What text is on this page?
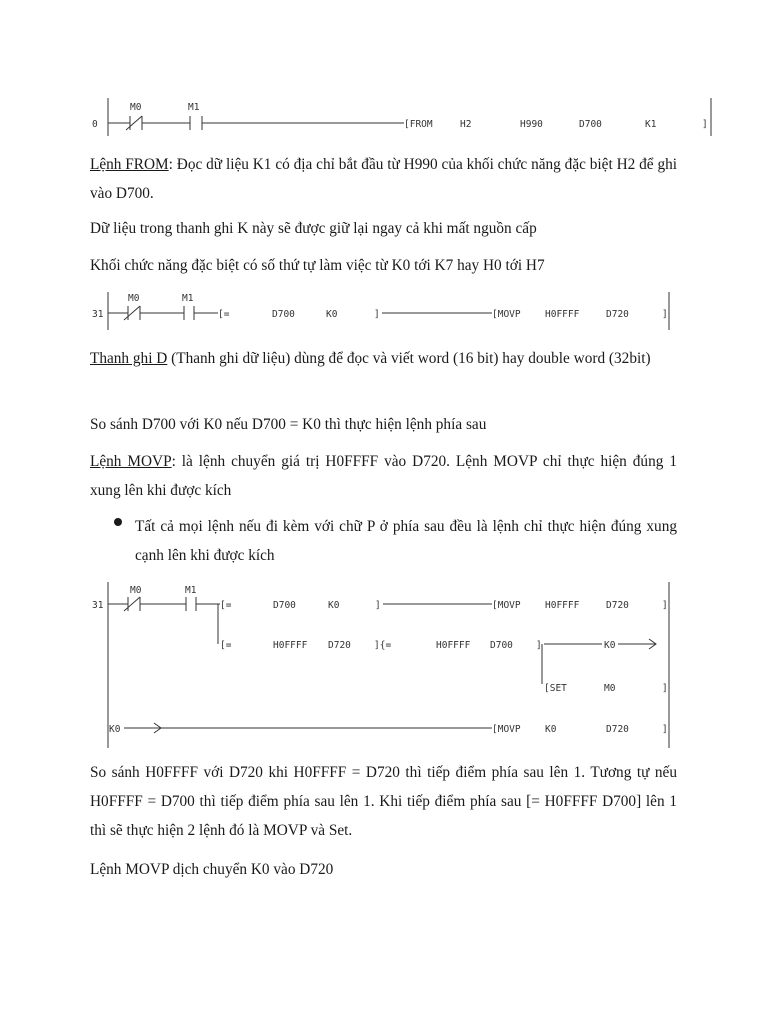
0
M0	M1
[FROM	H2	H990	D700	K1	]

Lệnh FROM: Đọc dữ liệu K1 có địa chỉ bắt đầu từ H990 của khối chức năng đặc biệt H2 để ghi vào D700.

Dữ liệu trong thanh ghi K này sẽ được giữ lại ngay cả khi mất nguồn cấp

Khối chức năng đặc biệt có số thứ tự làm việc từ K0 tới K7 hay H0 tới H7

31
M0	M1
[=	D700	K0	]	[MOVP	H0FFFF	D720	]

Thanh ghi D (Thanh ghi dữ liệu) dùng để đọc và viết word (16 bit) hay double word (32bit)

So sánh D700 với K0 nếu D700 = K0 thì thực hiện lệnh phía sau

Lệnh MOVP: là lệnh chuyển giá trị H0FFFF vào D720. Lệnh MOVP chỉ thực hiện đúng 1 xung lên khi được kích

Tất cả mọi lệnh nếu đi kèm với chữ P ở phía sau đều là lệnh chỉ thực hiện đúng xung cạnh lên khi được kích

31
M0	M1
[=	D700	K0	]	[MOVP	H0FFFF	D720	]
[=	H0FFFF D720 ]{=	H0FFFF D700 ]	K0
[SET	M0	]
K0	[MOVP	K0	D720	]

So sánh H0FFFF với D720 khi H0FFFF = D720 thì tiếp điểm phía sau lên 1. Tương tự nếu H0FFFF = D700 thì tiếp điểm phía sau lên 1. Khi tiếp điểm phía sau [= H0FFFF D700] lên 1 thì sẽ thực hiện 2 lệnh đó là MOVP và Set.

Lệnh MOVP dịch chuyển K0 vào D720
